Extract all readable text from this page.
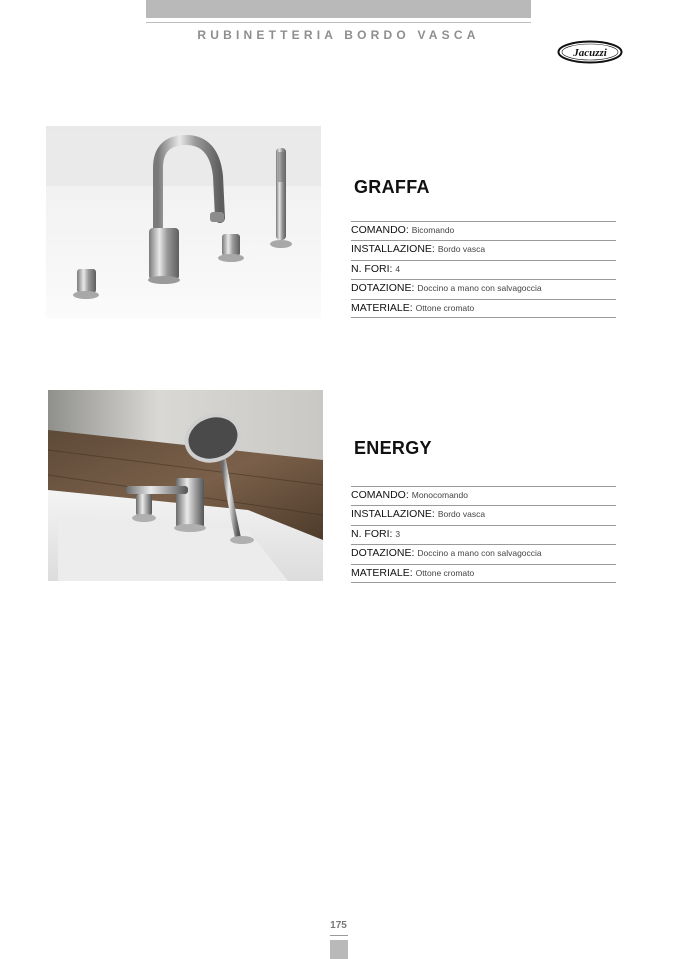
RUBINETTERIA BORDO VASCA
Jacuzzi
GRAFFA
COMANDO: Bicomando
INSTALLAZIONE: Bordo vasca
N. FORI: 4
DOTAZIONE: Doccino a mano con salvagoccia
MATERIALE: Ottone cromato
ENERGY
COMANDO: Monocomando
INSTALLAZIONE: Bordo vasca
N. FORI: 3
DOTAZIONE: Doccino a mano con salvagoccia
MATERIALE: Ottone cromato
175
